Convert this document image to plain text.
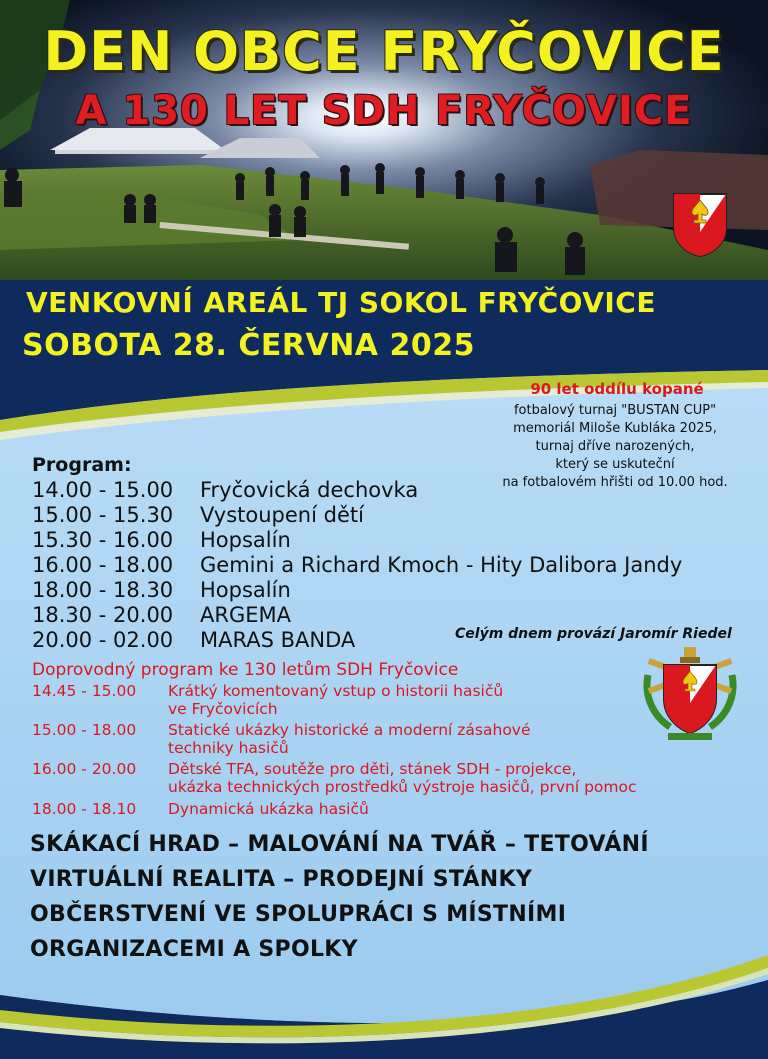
DEN OBCE FRYČOVICE
A 130 LET SDH FRYČOVICE
VENKOVNÍ AREÁL TJ SOKOL FRYČOVICE
SOBOTA 28. ČERVNA 2025
90 let oddílu kopané
fotbalový turnaj "BUSTAN CUP"
memoriál Miloše Kubláka 2025,
turnaj dříve narozených,
který se uskuteční
na fotbalovém hřišti od 10.00 hod.
Program:
14.00 - 15.00 Fryčovická dechovka
15.00 - 15.30 Vystoupení dětí
15.30 - 16.00 Hopsalín
16.00 - 18.00 Gemini a Richard Kmoch - Hity Dalibora Jandy
18.00 - 18.30 Hopsalín
18.30 - 20.00 ARGEMA
20.00 - 02.00 MARAS BANDA	Celým dnem provází Jaromír Riedel
Doprovodný program ke 130 letům SDH Fryčovice
14.45 - 15.00 Krátký komentovaný vstup o historii hasičů
ve Fryčovicích
15.00 - 18.00 Statické ukázky historické a moderní zásahové
techniky hasičů
16.00 - 20.00 Dětské TFA, soutěže pro děti, stánek SDH - projekce,
ukázka technických prostředků výstroje hasičů, první pomoc
18.00 - 18.10 Dynamická ukázka hasičů
SKÁKACÍ HRAD – MALOVÁNÍ NA TVÁŘ – TETOVÁNÍ
VIRTUÁLNÍ REALITA – PRODEJNÍ STÁNKY
OBČERSTVENÍ VE SPOLUPRÁCI S MÍSTNÍMI
ORGANIZACEMI A SPOLKY
